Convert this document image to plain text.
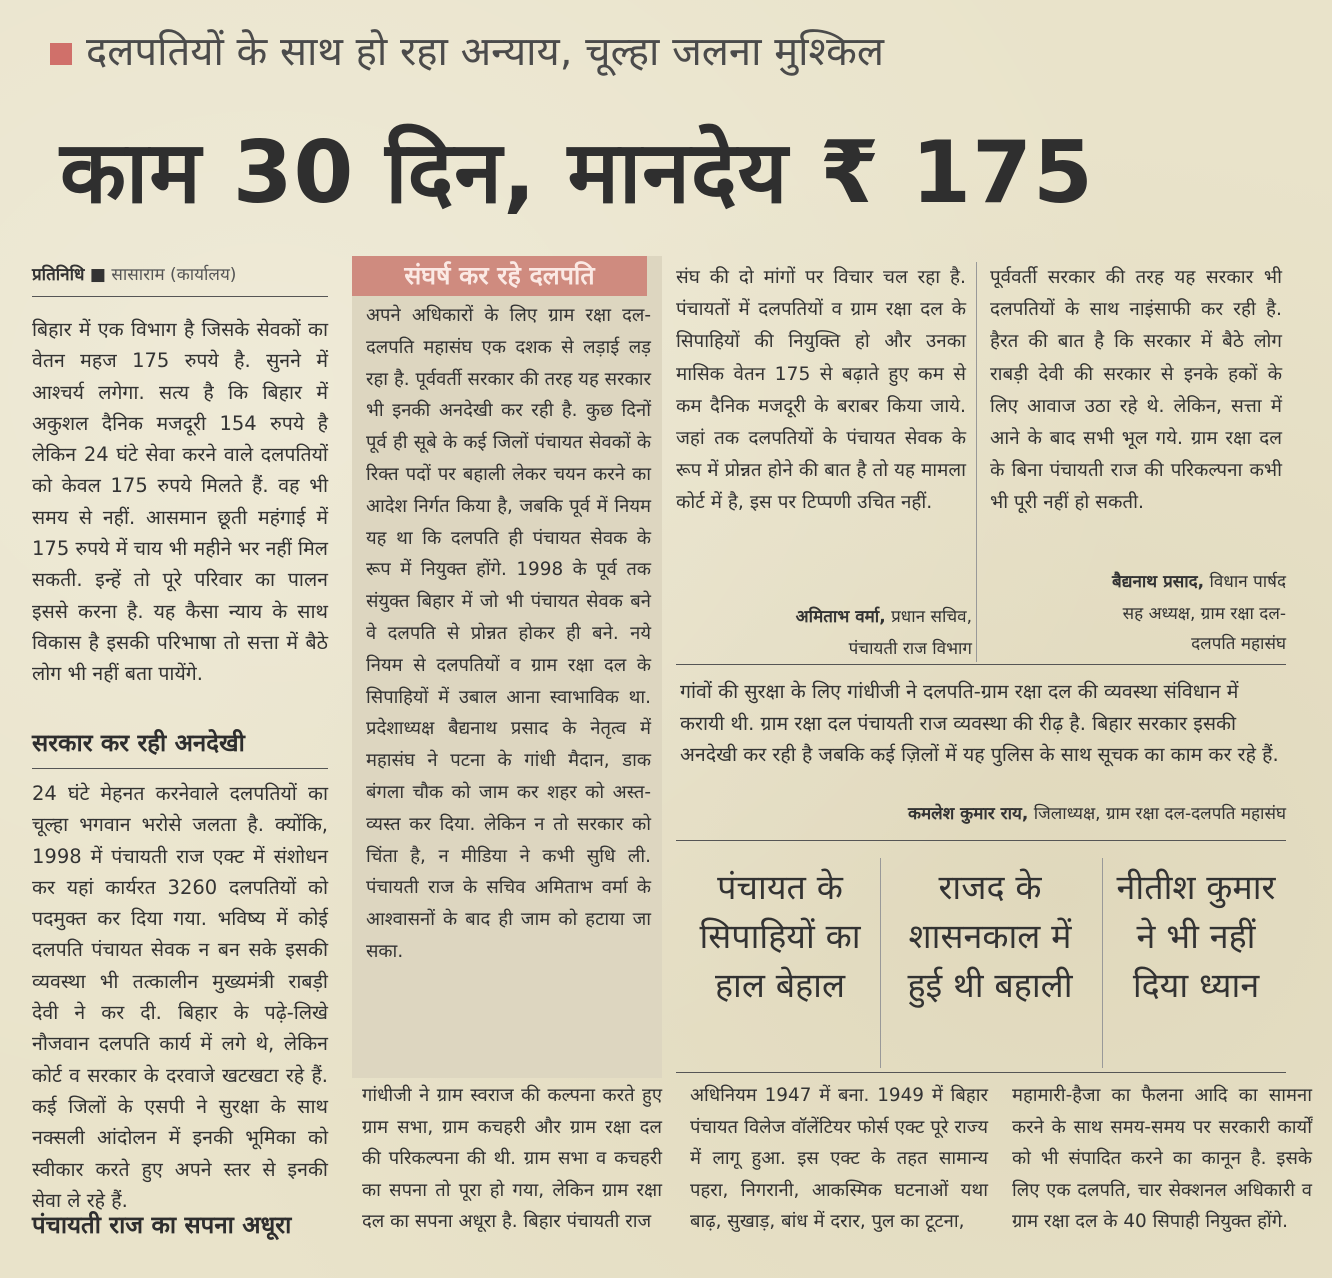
दलपतियों के साथ हो रहा अन्याय, चूल्हा जलना मुश्किल
काम 30 दिन, मानदेय ₹ 175
प्रतिनिधि ■ सासाराम (कार्यालय)
बिहार में एक विभाग है जिसके सेवकों का वेतन महज 175 रुपये है. सुनने में आश्चर्य लगेगा. सत्य है कि बिहार में अकुशल दैनिक मजदूरी 154 रुपये है लेकिन 24 घंटे सेवा करने वाले दलपतियों को केवल 175 रुपये मिलते हैं. वह भी समय से नहीं. आसमान छूती महंगाई में 175 रुपये में चाय भी महीने भर नहीं मिल सकती. इन्हें तो पूरे परिवार का पालन इससे करना है. यह कैसा न्याय के साथ विकास है इसकी परिभाषा तो सत्ता में बैठे लोग भी नहीं बता पायेंगे.
सरकार कर रही अनदेखी
24 घंटे मेहनत करनेवाले दलपतियों का चूल्हा भगवान भरोसे जलता है. क्योंकि, 1998 में पंचायती राज एक्ट में संशोधन कर यहां कार्यरत 3260 दलपतियों को पदमुक्त कर दिया गया. भविष्य में कोई दलपति पंचायत सेवक न बन सके इसकी व्यवस्था भी तत्कालीन मुख्यमंत्री राबड़ी देवी ने कर दी. बिहार के पढ़े-लिखे नौजवान दलपति कार्य में लगे थे, लेकिन कोर्ट व सरकार के दरवाजे खटखटा रहे हैं. कई जिलों के एसपी ने सुरक्षा के साथ नक्सली आंदोलन में इनकी भूमिका को स्वीकार करते हुए अपने स्तर से इनकी सेवा ले रहे हैं.
पंचायती राज का सपना अधूरा
संघर्ष कर रहे दलपति
अपने अधिकारों के लिए ग्राम रक्षा दल-दलपति महासंघ एक दशक से लड़ाई लड़ रहा है. पूर्ववर्ती सरकार की तरह यह सरकार भी इनकी अनदेखी कर रही है. कुछ दिनों पूर्व ही सूबे के कई जिलों पंचायत सेवकों के रिक्त पदों पर बहाली लेकर चयन करने का आदेश निर्गत किया है, जबकि पूर्व में नियम यह था कि दलपति ही पंचायत सेवक के रूप में नियुक्त होंगे. 1998 के पूर्व तक संयुक्त बिहार में जो भी पंचायत सेवक बने वे दलपति से प्रोन्नत होकर ही बने. नये नियम से दलपतियों व ग्राम रक्षा दल के सिपाहियों में उबाल आना स्वाभाविक था. प्रदेशाध्यक्ष बैद्यनाथ प्रसाद के नेतृत्व में महासंघ ने पटना के गांधी मैदान, डाक बंगला चौक को जाम कर शहर को अस्त-व्यस्त कर दिया. लेकिन न तो सरकार को चिंता है, न मीडिया ने कभी सुधि ली. पंचायती राज के सचिव अमिताभ वर्मा के आश्वासनों के बाद ही जाम को हटाया जा सका.
गांधीजी ने ग्राम स्वराज की कल्पना करते हुए ग्राम सभा, ग्राम कचहरी और ग्राम रक्षा दल की परिकल्पना की थी. ग्राम सभा व कचहरी का सपना तो पूरा हो गया, लेकिन ग्राम रक्षा दल का सपना अधूरा है. बिहार पंचायती राज
संघ की दो मांगों पर विचार चल रहा है. पंचायतों में दलपतियों व ग्राम रक्षा दल के सिपाहियों की नियुक्ति हो और उनका मासिक वेतन 175 से बढ़ाते हुए कम से कम दैनिक मजदूरी के बराबर किया जाये. जहां तक दलपतियों के पंचायत सेवक के रूप में प्रोन्नत होने की बात है तो यह मामला कोर्ट में है, इस पर टिप्पणी उचित नहीं.
अमिताभ वर्मा, प्रधान सचिव,
पंचायती राज विभाग
पूर्ववर्ती सरकार की तरह यह सरकार भी दलपतियों के साथ नाइंसाफी कर रही है. हैरत की बात है कि सरकार में बैठे लोग राबड़ी देवी की सरकार से इनके हकों के लिए आवाज उठा रहे थे. लेकिन, सत्ता में आने के बाद सभी भूल गये. ग्राम रक्षा दल के बिना पंचायती राज की परिकल्पना कभी भी पूरी नहीं हो सकती.
बैद्यनाथ प्रसाद, विधान पार्षद
सह अध्यक्ष, ग्राम रक्षा दल-
दलपति महासंघ
गांवों की सुरक्षा के लिए गांधीजी ने दलपति-ग्राम रक्षा दल की व्यवस्था संविधान में करायी थी. ग्राम रक्षा दल पंचायती राज व्यवस्था की रीढ़ है. बिहार सरकार इसकी अनदेखी कर रही है जबकि कई ज़िलों में यह पुलिस के साथ सूचक का काम कर रहे हैं.
कमलेश कुमार राय, जिलाध्यक्ष, ग्राम रक्षा दल-दलपति महासंघ
पंचायत के सिपाहियों का हाल बेहाल
राजद के शासनकाल में हुई थी बहाली
नीतीश कुमार ने भी नहीं दिया ध्यान
अधिनियम 1947 में बना. 1949 में बिहार पंचायत विलेज वॉलेंटियर फोर्स एक्ट पूरे राज्य में लागू हुआ. इस एक्ट के तहत सामान्य पहरा, निगरानी, आकस्मिक घटनाओं यथा बाढ़, सुखाड़, बांध में दरार, पुल का टूटना,
महामारी-हैजा का फैलना आदि का सामना करने के साथ समय-समय पर सरकारी कार्यों को भी संपादित करने का कानून है. इसके लिए एक दलपति, चार सेक्शनल अधिकारी व ग्राम रक्षा दल के 40 सिपाही नियुक्त होंगे.
